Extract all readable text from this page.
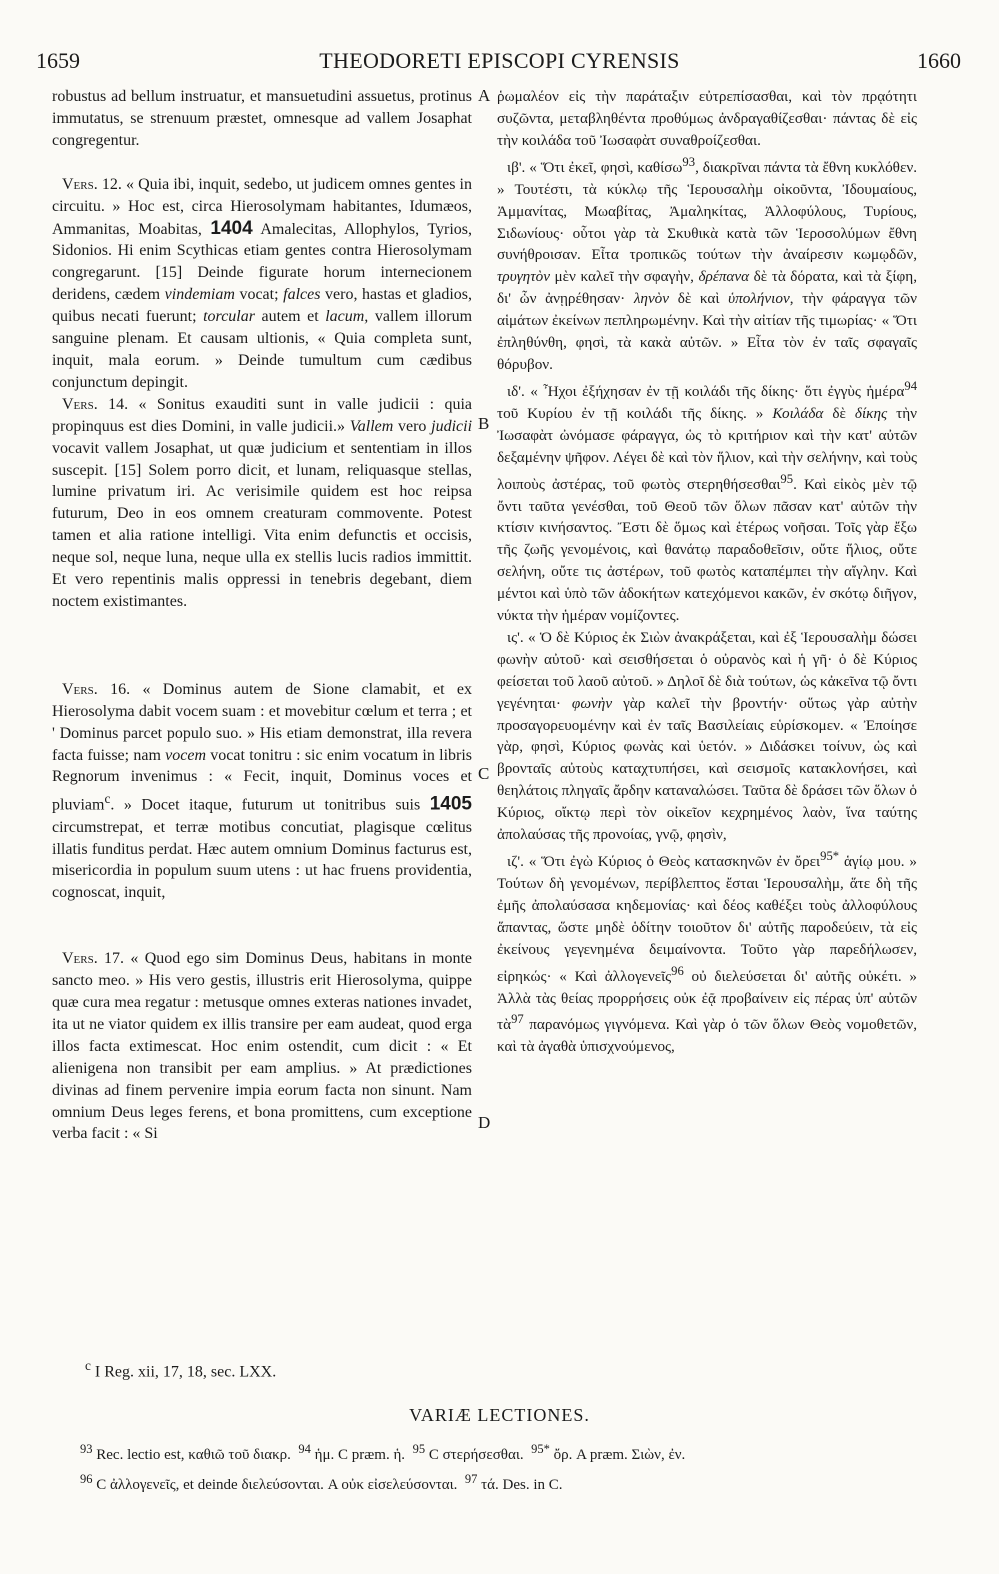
1659	THEODORETI EPISCOPI CYRENSIS	1660
A
B
C
D

robustus ad bellum instruatur, et mansuetudini assuetus, protinus immutatus, se strenuum præstet, omnesque ad vallem Josaphat congregentur.

Vers. 12. « Quia ibi, inquit, sedebo, ut judicem omnes gentes in circuitu. » Hoc est, circa Hierosolymam habitantes, Idumæos, Ammanitas, Moabitas, 1404 Amalecitas, Allophylos, Tyrios, Sidonios. Hi enim Scythicas etiam gentes contra Hierosolymam congregarunt. [15] Deinde figurate horum internecionem deridens, cædem vindemiam vocat; falces vero, hastas et gladios, quibus necati fuerunt; torcular autem et lacum, vallem illorum sanguine plenam. Et causam ultionis, « Quia completa sunt, inquit, mala eorum. » Deinde tumultum cum cædibus conjunctum depingit.

Vers. 14. « Sonitus exauditi sunt in valle judicii : quia propinquus est dies Domini, in valle judicii.» Vallem vero judicii vocavit vallem Josaphat, ut quæ judicium et sententiam in illos suscepit. [15] Solem porro dicit, et lunam, reliquasque stellas, lumine privatum iri. Ac verisimile quidem est hoc reipsa futurum, Deo in eos omnem creaturam commovente. Potest tamen et alia ratione intelligi. Vita enim defunctis et occisis, neque sol, neque luna, neque ulla ex stellis lucis radios immittit. Et vero repentinis malis oppressi in tenebris degebant, diem noctem existimantes.

Vers. 16. « Dominus autem de Sione clamabit, et ex Hierosolyma dabit vocem suam : et movebitur cœlum et terra ; et ' Dominus parcet populo suo. » His etiam demonstrat, illa revera facta fuisse; nam vocem vocat tonitru : sic enim vocatum in libris Regnorum invenimus : « Fecit, inquit, Dominus voces et pluviam$^c$. » Docet itaque, futurum ut tonitribus suis 1405 circumstrepat, et terræ motibus concutiat, plagisque cœlitus illatis funditus perdat. Hæc autem omnium Dominus facturus est, misericordia in populum suum utens : ut hac fruens providentia, cognoscat, inquit,

Vers. 17. « Quod ego sim Dominus Deus, habitans in monte sancto meo. » His vero gestis, illustris erit Hierosolyma, quippe quæ cura mea regatur : metusque omnes exteras nationes invadet, ita ut ne viator quidem ex illis transire per eam audeat, quod erga illos facta extimescat. Hoc enim ostendit, cum dicit : « Et alienigena non transibit per eam amplius. » At prædictiones divinas ad finem pervenire impia eorum facta non sinunt. Nam omnium Deus leges ferens, et bona promittens, cum exceptione verba facit : « Si

ῥωμαλέον εἰς τὴν παράταξιν εὐτρεπίσασθαι, καὶ τὸν πρᾳότητι συζῶντα, μεταβληθέντα προθύμως ἀνδραγαθίζεσθαι· πάντας δὲ εἰς τὴν κοιλάδα τοῦ Ἰωσαφὰτ συναθροίζεσθαι.

ιβ'. « Ὅτι ἐκεῖ, φησὶ, καθίσω$^{93}$, διακρῖναι πάντα τὰ ἔθνη κυκλόθεν. » Τουτέστι, τὰ κύκλῳ τῆς Ἱερουσαλὴμ οἰκοῦντα, Ἰδουμαίους, Ἀμμανίτας, Μωαβίτας, Ἀμαληκίτας, Ἀλλοφύλους, Τυρίους, Σιδωνίους· οὗτοι γὰρ τὰ Σκυθικὰ κατὰ τῶν Ἱεροσολύμων ἔθνη συνήθροισαν. Εἶτα τροπικῶς τούτων τὴν ἀναίρεσιν κωμῳδῶν, τρυγητὸν μὲν καλεῖ τὴν σφαγὴν, δρέπανα δὲ τὰ δόρατα, καὶ τὰ ξίφη, δι' ὧν ἀνῃρέθησαν· ληνὸν δὲ καὶ ὑπολήνιον, τὴν φάραγγα τῶν αἱμάτων ἐκείνων πεπληρωμένην. Καὶ τὴν αἰτίαν τῆς τιμωρίας· « Ὅτι ἐπληθύνθη, φησὶ, τὰ κακὰ αὐτῶν. » Εἶτα τὸν ἐν ταῖς σφαγαῖς θόρυβον.

ιδ'. « Ἦχοι ἐξήχησαν ἐν τῇ κοιλάδι τῆς δίκης· ὅτι ἐγγὺς ἡμέρα$^{94}$ τοῦ Κυρίου ἐν τῇ κοιλάδι τῆς δίκης. » Κοιλάδα δὲ δίκης τὴν Ἰωσαφὰτ ὠνόμασε φάραγγα, ὡς τὸ κριτήριον καὶ τὴν κατ' αὐτῶν δεξαμένην ψῆφον. Λέγει δὲ καὶ τὸν ἥλιον, καὶ τὴν σελήνην, καὶ τοὺς λοιποὺς ἀστέρας, τοῦ φωτὸς στερηθήσεσθαι$^{95}$. Καὶ εἰκὸς μὲν τῷ ὄντι ταῦτα γενέσθαι, τοῦ Θεοῦ τῶν ὅλων πᾶσαν κατ' αὐτῶν τὴν κτίσιν κινήσαντος. Ἔστι δὲ ὅμως καὶ ἑτέρως νοῆσαι. Τοῖς γὰρ ἔξω τῆς ζωῆς γενομένοις, καὶ θανάτῳ παραδοθεῖσιν, οὔτε ἥλιος, οὔτε σελήνη, οὔτε τις ἀστέρων, τοῦ φωτὸς καταπέμπει τὴν αἴγλην. Καὶ μέντοι καὶ ὑπὸ τῶν ἀδοκήτων κατεχόμενοι κακῶν, ἐν σκότῳ διῆγον, νύκτα τὴν ἡμέραν νομίζοντες.

ις'. « Ὁ δὲ Κύριος ἐκ Σιὼν ἀνακράξεται, καὶ ἐξ Ἱερουσαλὴμ δώσει φωνὴν αὐτοῦ· καὶ σεισθήσεται ὁ οὐρανὸς καὶ ἡ γῆ· ὁ δὲ Κύριος φείσεται τοῦ λαοῦ αὐτοῦ. » Δηλοῖ δὲ διὰ τούτων, ὡς κἀκεῖνα τῷ ὄντι γεγένηται· φωνὴν γὰρ καλεῖ τὴν βροντήν· οὕτως γὰρ αὐτὴν προσαγορευομένην καὶ ἐν ταῖς Βασιλείαις εὑρίσκομεν. « Ἐποίησε γὰρ, φησὶ, Κύριος φωνὰς καὶ ὑετόν. » Διδάσκει τοίνυν, ὡς καὶ βρονταῖς αὐτοὺς καταχτυπήσει, καὶ σεισμοῖς κατακλονήσει, καὶ θεηλάτοις πληγαῖς ἄρδην καταναλώσει. Ταῦτα δὲ δράσει τῶν ὅλων ὁ Κύριος, οἴκτῳ περὶ τὸν οἰκεῖον κεχρημένος λαὸν, ἵνα ταύτης ἀπολαύσας τῆς προνοίας, γνῷ, φησὶν,

ιζ'. « Ὅτι ἐγὼ Κύριος ὁ Θεὸς κατασκηνῶν ἐν ὄρει$^{95*}$ ἁγίῳ μου. » Τούτων δὴ γενομένων, περίβλεπτος ἔσται Ἱερουσαλὴμ, ἅτε δὴ τῆς ἐμῆς ἀπολαύσασα κηδεμονίας· καὶ δέος καθέξει τοὺς ἀλλοφύλους ἅπαντας, ὥστε μηδὲ ὁδίτην τοιοῦτον δι' αὐτῆς παροδεύειν, τὰ εἰς ἐκείνους γεγενημένα δειμαίνοντα. Τοῦτο γὰρ παρεδήλωσεν, εἰρηκώς· « Καὶ ἀλλογενεῖς$^{96}$ οὐ διελεύσεται δι' αὐτῆς οὐκέτι. » Ἀλλὰ τὰς θείας προρρήσεις οὐκ ἐᾷ προβαίνειν εἰς πέρας ὑπ' αὐτῶν τὰ$^{97}$ παρανόμως γιγνόμενα. Καὶ γὰρ ὁ τῶν ὅλων Θεὸς νομοθετῶν, καὶ τὰ ἀγαθὰ ὑπισχνούμενος,

$^c$ I Reg. xii, 17, 18, sec. LXX.
VARIÆ LECTIONES.
$^{93}$ Rec. lectio est, καθιῶ τοῦ διακρ. $^{94}$ ἡμ. C præm. ἡ. $^{95}$ C στερήσεσθαι. $^{95*}$ ὄρ. A præm. Σιὼν, ἐν.
$^{96}$ C ἀλλογενεῖς, et deinde διελεύσονται. A οὐκ εἰσελεύσονται. $^{97}$ τά. Des. in C.
